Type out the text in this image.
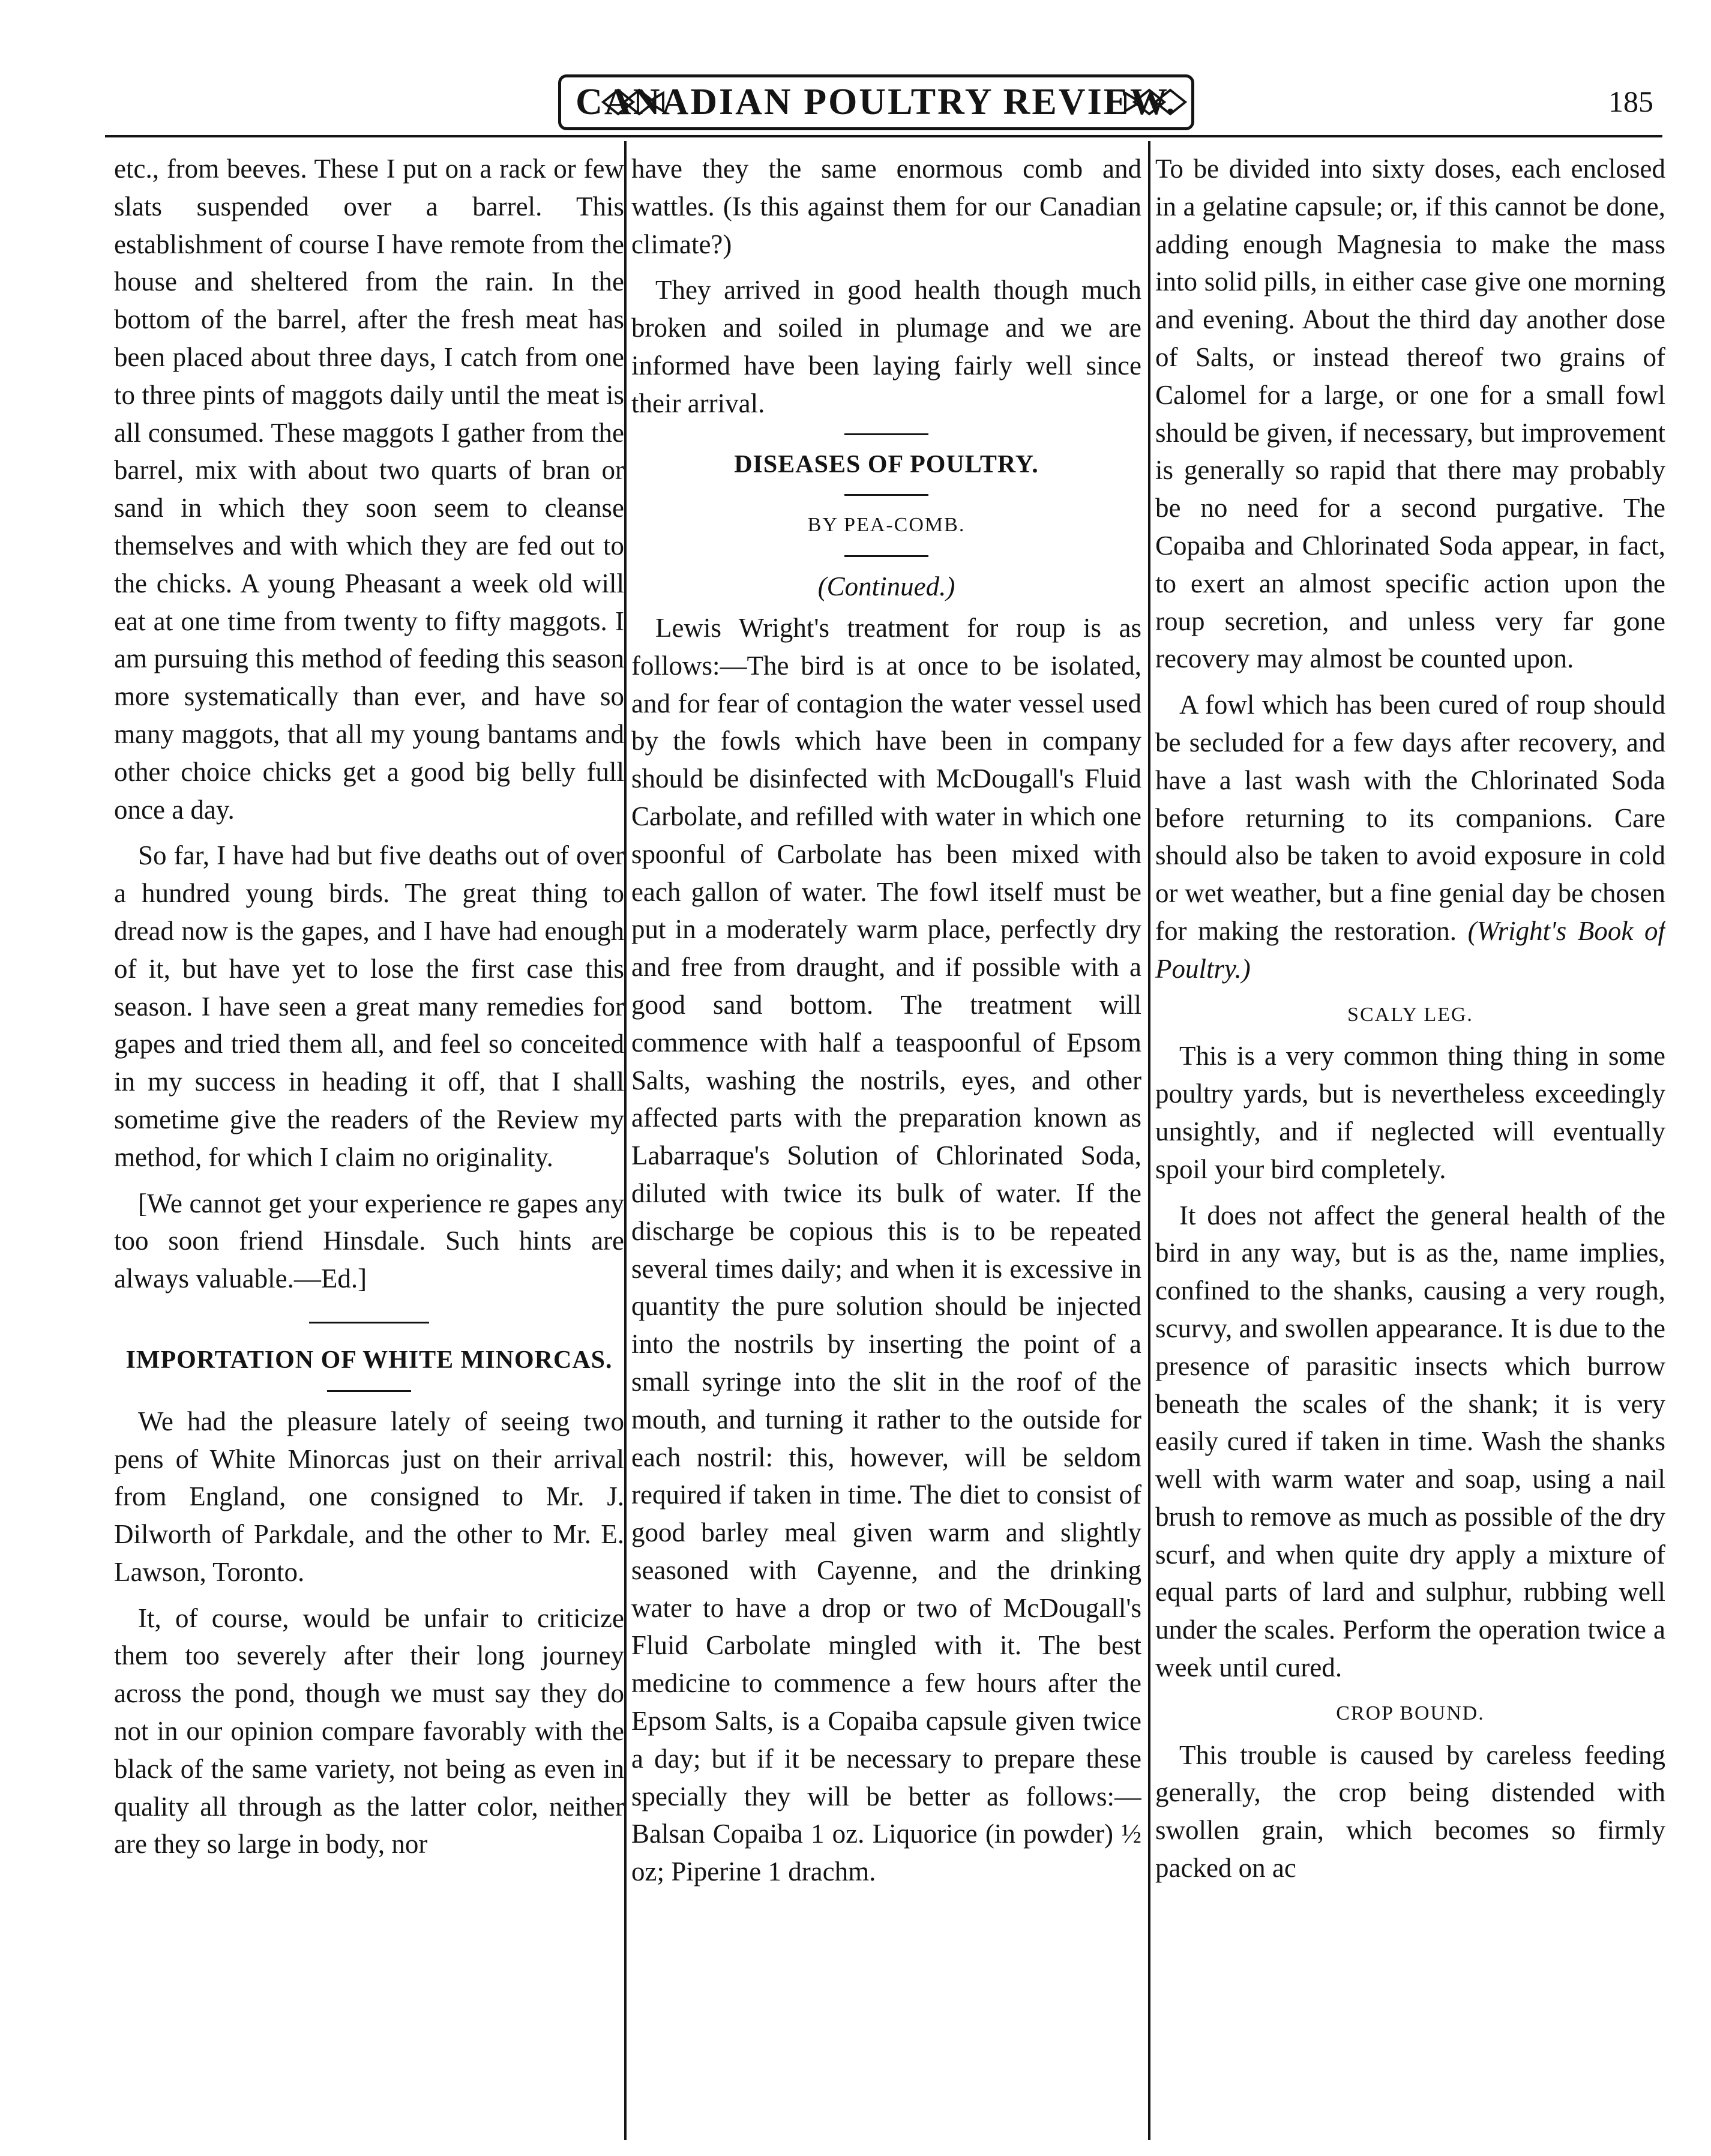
CANADIAN POULTRY REVIEW.	185

etc., from beeves. These I put on a rack or few slats suspended over a barrel. This establishment of course I have remote from the house and sheltered from the rain. In the bottom of the barrel, after the fresh meat has been placed about three days, I catch from one to three pints of maggots daily until the meat is all consumed. These maggots I gather from the barrel, mix with about two quarts of bran or sand in which they soon seem to cleanse themselves and with which they are fed out to the chicks. A young Pheasant a week old will eat at one time from twenty to fifty maggots. I am pursuing this method of feeding this season more systematically than ever, and have so many maggots, that all my young bantams and other choice chicks get a good big belly full once a day.

So far, I have had but five deaths out of over a hundred young birds. The great thing to dread now is the gapes, and I have had enough of it, but have yet to lose the first case this season. I have seen a great many remedies for gapes and tried them all, and feel so conceited in my success in heading it off, that I shall sometime give the readers of the Review my method, for which I claim no originality.

[We cannot get your experience re gapes any too soon friend Hinsdale. Such hints are always valuable.—Ed.]

IMPORTATION OF WHITE MINORCAS.

We had the pleasure lately of seeing two pens of White Minorcas just on their arrival from England, one consigned to Mr. J. Dilworth of Parkdale, and the other to Mr. E. Lawson, Toronto.

It, of course, would be unfair to criticize them too severely after their long journey across the pond, though we must say they do not in our opinion compare favorably with the black of the same variety, not being as even in quality all through as the latter color, neither are they so large in body, nor

have they the same enormous comb and wattles. (Is this against them for our Canadian climate?)

They arrived in good health though much broken and soiled in plumage and we are informed have been laying fairly well since their arrival.

DISEASES OF POULTRY.
BY PEA-COMB.
(Continued.)

Lewis Wright's treatment for roup is as follows:—The bird is at once to be isolated, and for fear of contagion the water vessel used by the fowls which have been in company should be disinfected with McDougall's Fluid Carbolate, and refilled with water in which one spoonful of Carbolate has been mixed with each gallon of water. The fowl itself must be put in a moderately warm place, perfectly dry and free from draught, and if possible with a good sand bottom. The treatment will commence with half a teaspoonful of Epsom Salts, washing the nostrils, eyes, and other affected parts with the preparation known as Labarraque's Solution of Chlorinated Soda, diluted with twice its bulk of water. If the discharge be copious this is to be repeated several times daily; and when it is excessive in quantity the pure solution should be injected into the nostrils by inserting the point of a small syringe into the slit in the roof of the mouth, and turning it rather to the outside for each nostril: this, however, will be seldom required if taken in time. The diet to consist of good barley meal given warm and slightly seasoned with Cayenne, and the drinking water to have a drop or two of McDougall's Fluid Carbolate mingled with it. The best medicine to commence a few hours after the Epsom Salts, is a Copaiba capsule given twice a day; but if it be necessary to prepare these specially they will be better as follows:—Balsan Copaiba 1 oz. Liquorice (in powder) ½ oz; Piperine 1 drachm.

To be divided into sixty doses, each enclosed in a gelatine capsule; or, if this cannot be done, adding enough Magnesia to make the mass into solid pills, in either case give one morning and evening. About the third day another dose of Salts, or instead thereof two grains of Calomel for a large, or one for a small fowl should be given, if necessary, but improvement is generally so rapid that there may probably be no need for a second purgative. The Copaiba and Chlorinated Soda appear, in fact, to exert an almost specific action upon the roup secretion, and unless very far gone recovery may almost be counted upon.

A fowl which has been cured of roup should be secluded for a few days after recovery, and have a last wash with the Chlorinated Soda before returning to its companions. Care should also be taken to avoid exposure in cold or wet weather, but a fine genial day be chosen for making the restoration. (Wright's Book of Poultry.)

SCALY LEG.

This is a very common thing thing in some poultry yards, but is nevertheless exceedingly unsightly, and if neglected will eventually spoil your bird completely.

It does not affect the general health of the bird in any way, but is as the, name implies, confined to the shanks, causing a very rough, scurvy, and swollen appearance. It is due to the presence of parasitic insects which burrow beneath the scales of the shank; it is very easily cured if taken in time. Wash the shanks well with warm water and soap, using a nail brush to remove as much as possible of the dry scurf, and when quite dry apply a mixture of equal parts of lard and sulphur, rubbing well under the scales. Perform the operation twice a week until cured.

CROP BOUND.

This trouble is caused by careless feeding generally, the crop being distended with swollen grain, which becomes so firmly packed on ac
